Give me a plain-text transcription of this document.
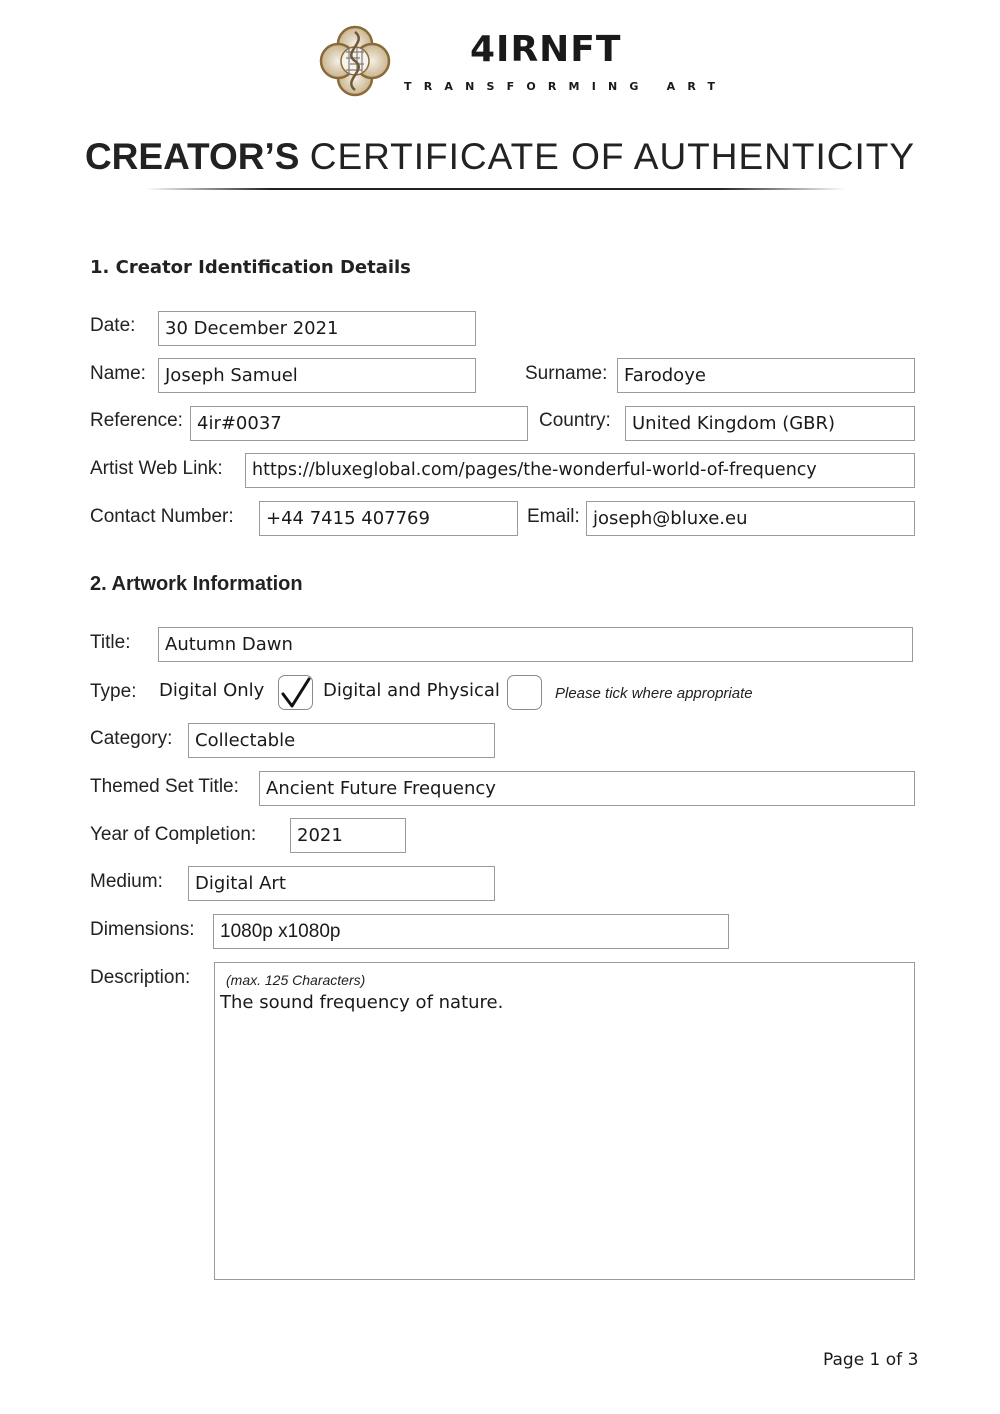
4IRNFT
TRANSFORMING ART
CREATOR’S CERTIFICATE OF AUTHENTICITY
1. Creator Identification Details
Date:	30 December 2021
Name:	Joseph Samuel	Surname: Farodoye
Reference: 4ir#0037	Country:	United Kingdom (GBR)
Artist Web Link:	https://bluxeglobal.com/pages/the-wonderful-world-of-frequency
Contact Number:	+44 7415 407769	Email: joseph@bluxe.eu
2. Artwork Information
Title:	Autumn Dawn
Type: Digital Only	Digital and Physical	Please tick where appropriate
Category:	Collectable
Themed Set Title:	Ancient Future Frequency
Year of Completion:	2021
Medium:	Digital Art
Dimensions:	1080p x1080p
Description:	(max. 125 Characters)
The sound frequency of nature.
Page 1 of 3
